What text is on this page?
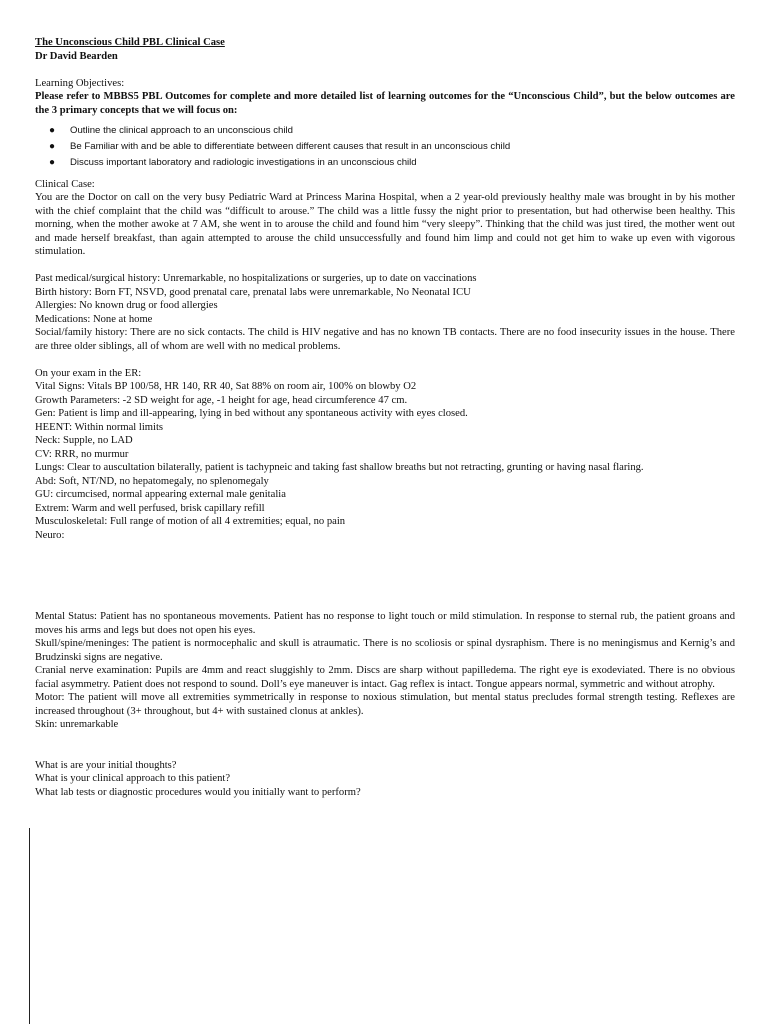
The Unconscious Child PBL Clinical Case
Dr David Bearden
Learning Objectives:
Please refer to MBBS5 PBL Outcomes for complete and more detailed list of learning outcomes for the “Unconscious Child”, but the below outcomes are the 3 primary concepts that we will focus on:
● Outline the clinical approach to an unconscious child
● Be Familiar with and be able to differentiate between different causes that result in an unconscious child
● Discuss important laboratory and radiologic investigations in an unconscious child
Clinical Case:
You are the Doctor on call on the very busy Pediatric Ward at Princess Marina Hospital, when a 2 year-old previously healthy male was brought in by his mother with the chief complaint that the child was “difficult to arouse.” The child was a little fussy the night prior to presentation, but had otherwise been healthy. This morning, when the mother awoke at 7 AM, she went in to arouse the child and found him “very sleepy”. Thinking that the child was just tired, the mother went out and made herself breakfast, than again attempted to arouse the child unsuccessfully and found him limp and could not get him to wake up even with vigorous stimulation.
Past medical/surgical history: Unremarkable, no hospitalizations or surgeries, up to date on vaccinations
Birth history: Born FT, NSVD, good prenatal care, prenatal labs were unremarkable, No Neonatal ICU
Allergies: No known drug or food allergies
Medications: None at home
Social/family history: There are no sick contacts. The child is HIV negative and has no known TB contacts. There are no food insecurity issues in the house. There are three older siblings, all of whom are well with no medical problems.
On your exam in the ER:
Vital Signs: Vitals BP 100/58, HR 140, RR 40, Sat 88% on room air, 100% on blowby O2
Growth Parameters: -2 SD weight for age, -1 height for age, head circumference 47 cm.
Gen: Patient is limp and ill-appearing, lying in bed without any spontaneous activity with eyes closed.
HEENT: Within normal limits
Neck: Supple, no LAD
CV: RRR, no murmur
Lungs: Clear to auscultation bilaterally, patient is tachypneic and taking fast shallow breaths but not retracting, grunting or having nasal flaring.
Abd: Soft, NT/ND, no hepatomegaly, no splenomegaly
GU: circumcised, normal appearing external male genitalia
Extrem: Warm and well perfused, brisk capillary refill
Musculoskeletal: Full range of motion of all 4 extremities; equal, no pain
Neuro:
Mental Status: Patient has no spontaneous movements. Patient has no response to light touch or mild stimulation. In response to sternal rub, the patient groans and moves his arms and legs but does not open his eyes.
Skull/spine/meninges: The patient is normocephalic and skull is atraumatic. There is no scoliosis or spinal dysraphism. There is no meningismus and Kernig’s and Brudzinski signs are negative.
Cranial nerve examination: Pupils are 4mm and react sluggishly to 2mm. Discs are sharp without papilledema. The right eye is exodeviated. There is no obvious facial asymmetry. Patient does not respond to sound. Doll’s eye maneuver is intact. Gag reflex is intact. Tongue appears normal, symmetric and without atrophy.
Motor: The patient will move all extremities symmetrically in response to noxious stimulation, but mental status precludes formal strength testing. Reflexes are increased throughout (3+ throughout, but 4+ with sustained clonus at ankles).
Skin: unremarkable
What is are your initial thoughts?
What is your clinical approach to this patient?
What lab tests or diagnostic procedures would you initially want to perform?
